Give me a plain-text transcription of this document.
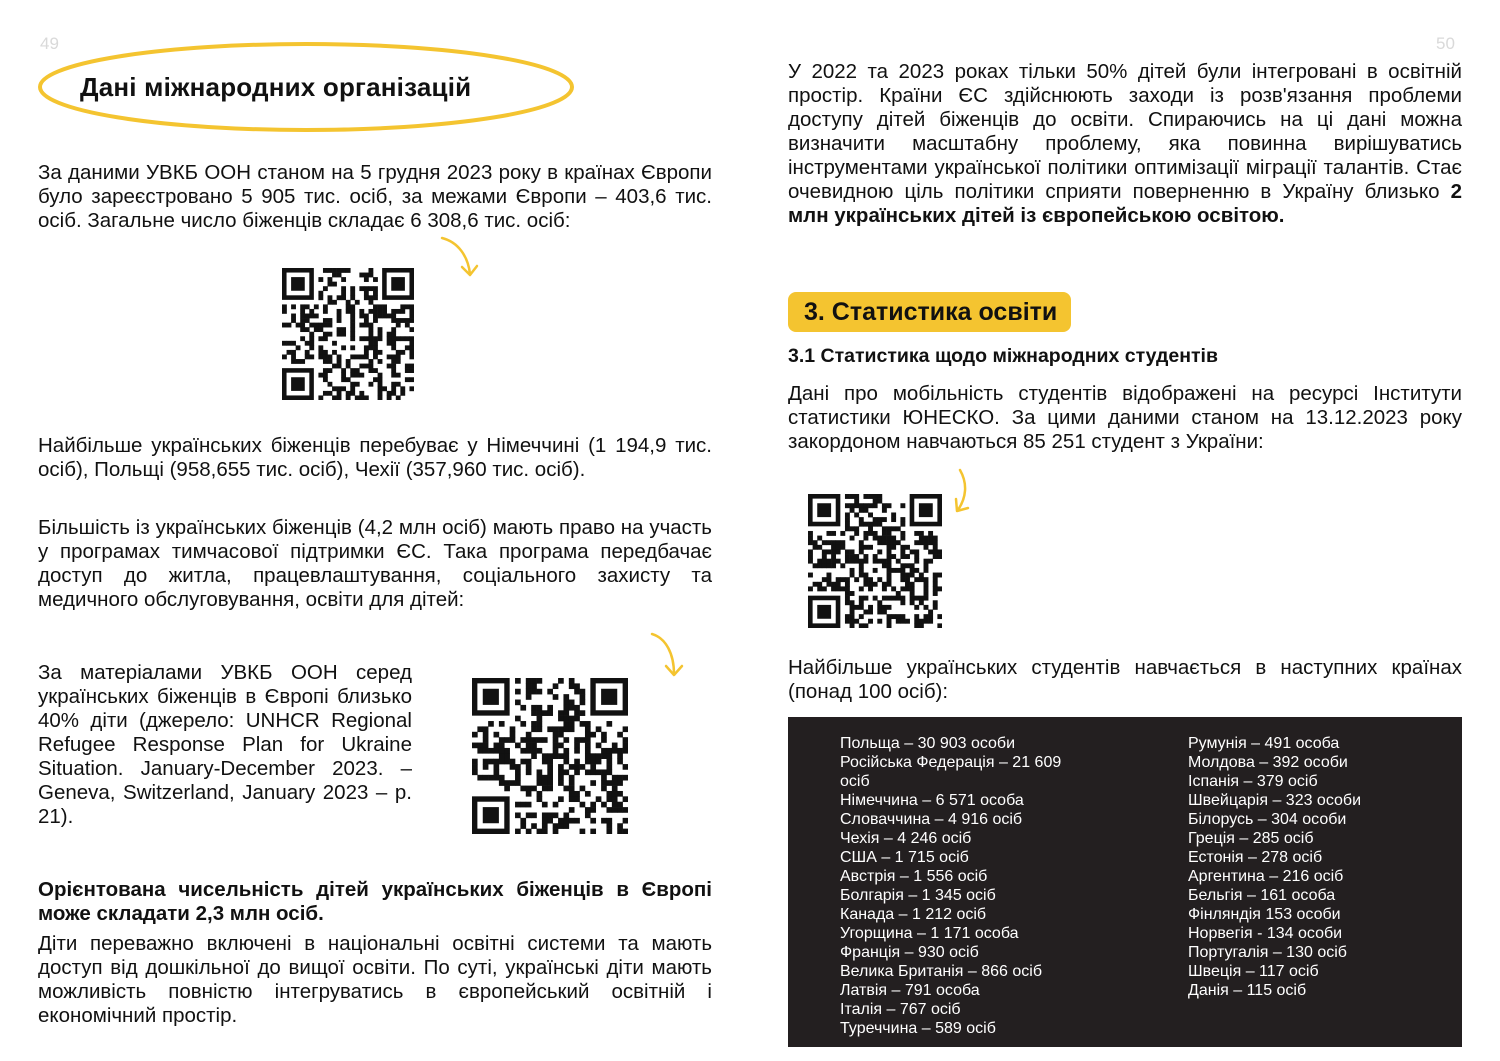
49	50
Дані міжнародних організацій

За даними УВКБ ООН станом на 5 грудня 2023 року в країнах Європи було зареєстровано 5 905 тис. осіб, за межами Європи – 403,6 тис. осіб. Загальне число біженців складає 6 308,6 тис. осіб:

Найбільше українських біженців перебуває у Німеччині (1 194,9 тис. осіб), Польщі (958,655 тис. осіб), Чехії (357,960 тис. осіб).

Більшість із українських біженців (4,2 млн осіб) мають право на участь у програмах тимчасової підтримки ЄС. Така програма передбачає доступ до житла, працевлаштування, соціального захисту та медичного обслуговування, освіти для дітей:

За матеріалами УВКБ ООН серед українських біженців в Європі близько 40% діти (джерело: UNHCR Regional Refugee Response Plan for Ukraine Situation. January-December 2023. – Geneva, Switzerland, January 2023 – p. 21).

Орієнтована чисельність дітей українських біженців в Європі може складати 2,3 млн осіб.

Діти переважно включені в національні освітні системи та мають доступ від дошкільної до вищої освіти. По суті, українські діти мають можливість повністю інтегруватись в європейський освітній і економічний простір.

У 2022 та 2023 роках тільки 50% дітей були інтегровані в освітній простір. Країни ЄС здійснюють заходи із розв'язання проблеми доступу дітей біженців до освіти. Спираючись на ці дані можна визначити масштабну проблему, яка повинна вирішуватись інструментами української політики оптимізації міграції талантів. Стає очевидною ціль політики сприяти поверненню в Україну близько 2 млн українських дітей із європейською освітою.

3. Статистика освіти
3.1 Статистика щодо міжнародних студентів

Дані про мобільність студентів відображені на ресурсі Інститути статистики ЮНЕСКО. За цими даними станом на 13.12.2023 року закордоном навчаються 85 251 студент з України:

Найбільше українських студентів навчається в наступних країнах (понад 100 осіб):

Польща – 30 903 особи
Російська Федерація – 21 609 осіб
Німеччина – 6 571 особа
Словаччина – 4 916 осіб
Чехія – 4 246 осіб
США – 1 715 осіб
Австрія – 1 556 осіб
Болгарія – 1 345 осіб
Канада – 1 212 осіб
Угорщина – 1 171 особа
Франція – 930 осіб
Велика Британія – 866 осіб
Латвія – 791 особа
Італія – 767 осіб
Туреччина – 589 осіб
Румунія – 491 особа
Молдова – 392 особи
Іспанія – 379 осіб
Швейцарія – 323 особи
Білорусь – 304 особи
Греція – 285 осіб
Естонія – 278 осіб
Аргентина – 216 осіб
Бельгія – 161 особа
Фінляндія 153 особи
Норвегія - 134 особи
Португалія – 130 осіб
Швеція – 117 осіб
Данія – 115 осіб
